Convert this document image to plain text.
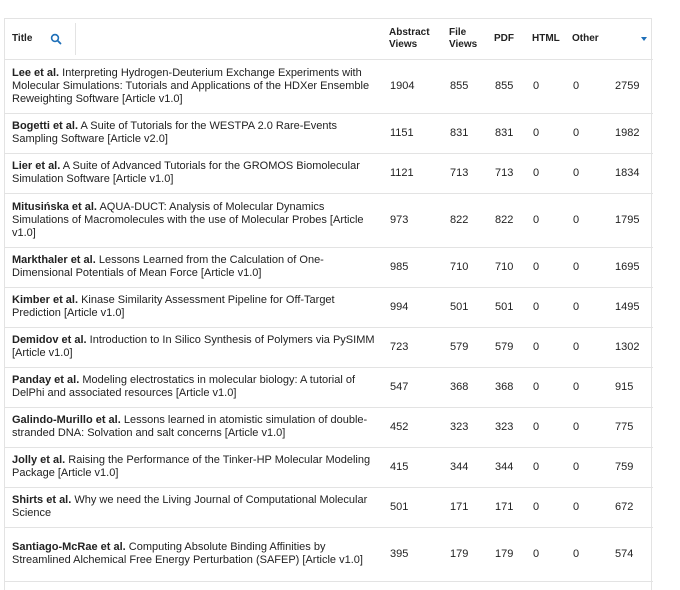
Title	Abstract Views	File Views	PDF	HTML	Other	

Lee et al. Interpreting Hydrogen-Deuterium Exchange Experiments with Molecular Simulations: Tutorials and Applications of the HDXer Ensemble Reweighting Software [Article v1.0]	1904	855	855	0	0	2759
Bogetti et al. A Suite of Tutorials for the WESTPA 2.0 Rare-Events Sampling Software [Article v2.0]	1151	831	831	0	0	1982
Lier et al. A Suite of Advanced Tutorials for the GROMOS Biomolecular Simulation Software [Article v1.0]	1121	713	713	0	0	1834
Mitusińska et al. AQUA-DUCT: Analysis of Molecular Dynamics Simulations of Macromolecules with the use of Molecular Probes [Article v1.0]	973	822	822	0	0	1795
Markthaler et al. Lessons Learned from the Calculation of One-Dimensional Potentials of Mean Force [Article v1.0]	985	710	710	0	0	1695
Kimber et al. Kinase Similarity Assessment Pipeline for Off-Target Prediction [Article v1.0]	994	501	501	0	0	1495
Demidov et al. Introduction to In Silico Synthesis of Polymers via PySIMM [Article v1.0]	723	579	579	0	0	1302
Panday et al. Modeling electrostatics in molecular biology: A tutorial of DelPhi and associated resources [Article v1.0]	547	368	368	0	0	915
Galindo-Murillo et al. Lessons learned in atomistic simulation of double-stranded DNA: Solvation and salt concerns [Article v1.0]	452	323	323	0	0	775
Jolly et al. Raising the Performance of the Tinker-HP Molecular Modeling Package [Article v1.0]	415	344	344	0	0	759
Shirts et al. Why we need the Living Journal of Computational Molecular Science	501	171	171	0	0	672
Santiago-McRae et al. Computing Absolute Binding Affinities by Streamlined Alchemical Free Energy Perturbation (SAFEP) [Article v1.0]	395	179	179	0	0	574
